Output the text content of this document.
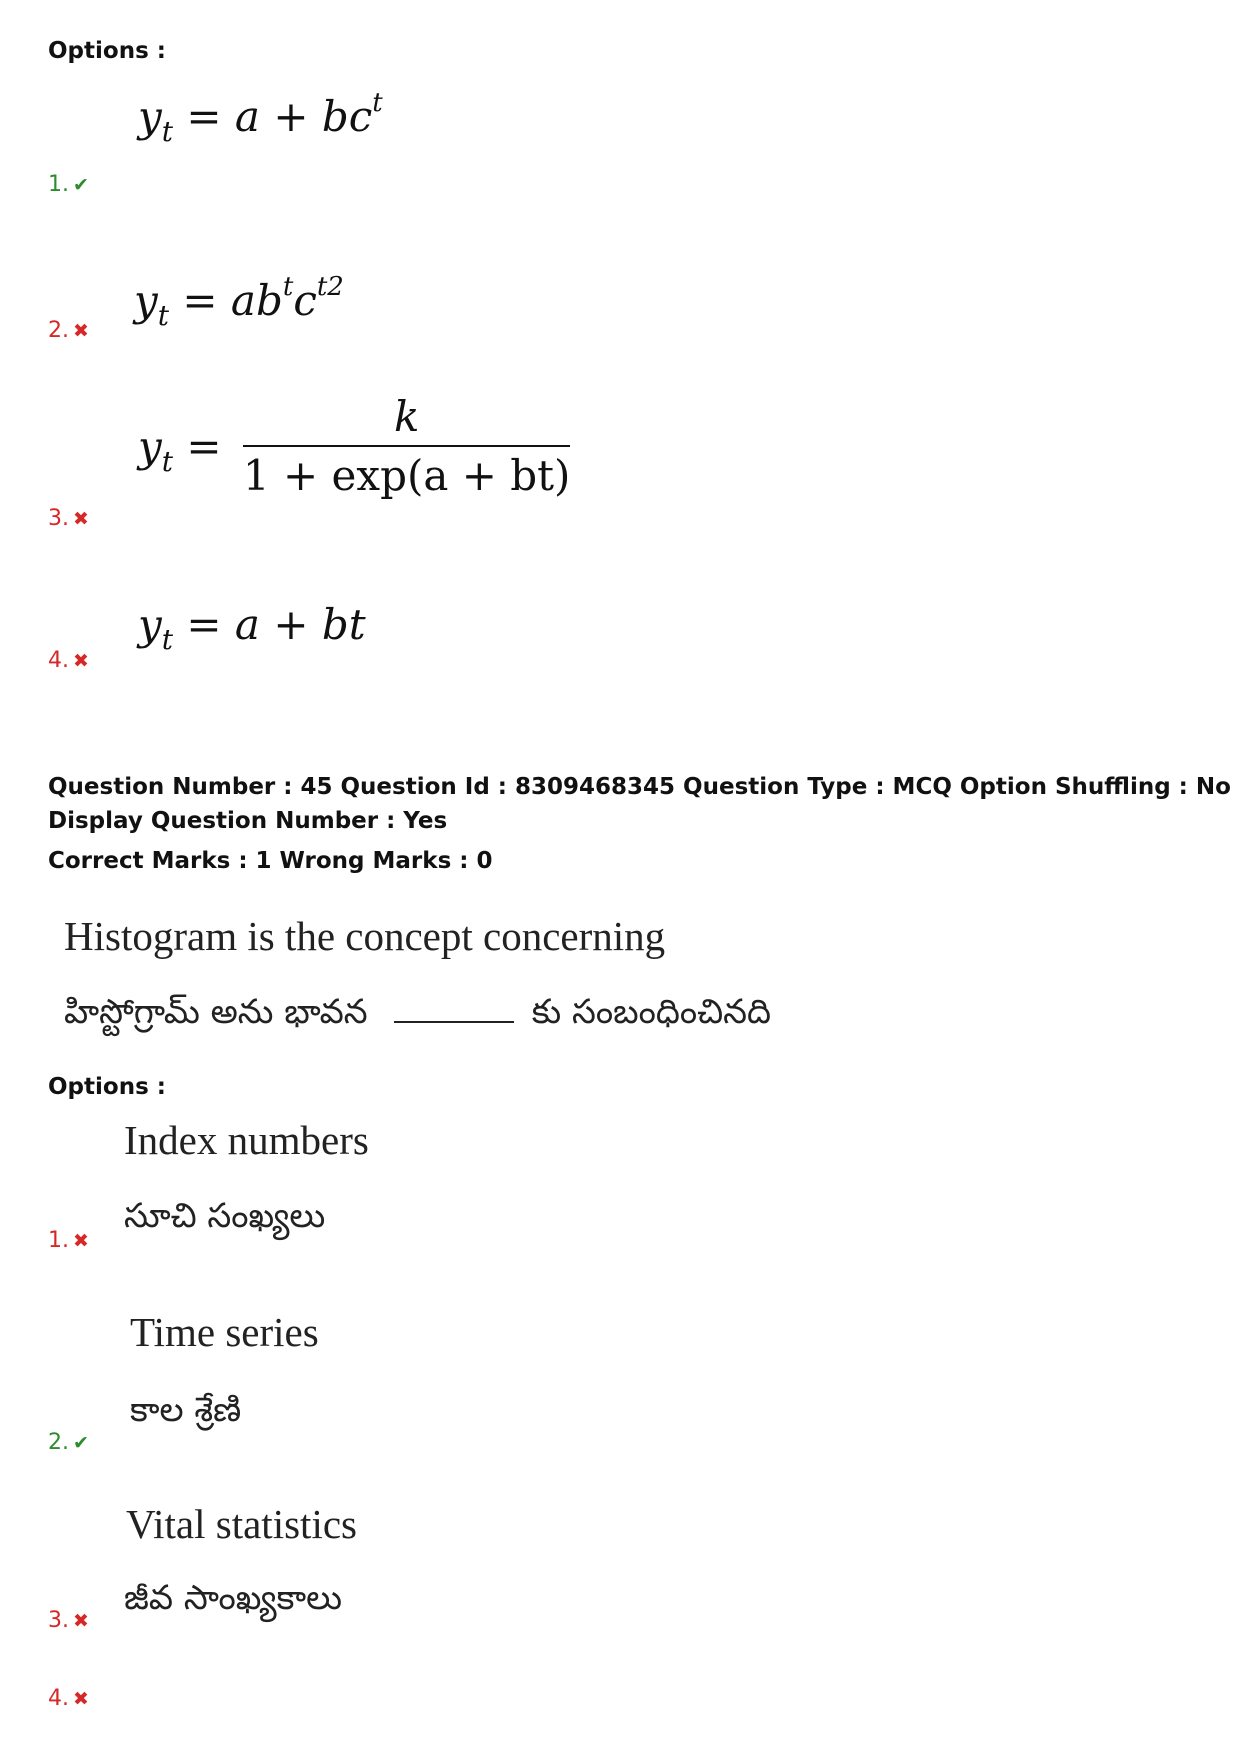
Options :
$y_t = a + bc^t$
1. ✔
$y_t = ab^tc^{t2}$
2. ✖
$y_t = \frac{k}{1 + \exp(a + bt)}$
3. ✖
$y_t = a$ + bt
4. ✖
Question Number : 45 Question Id : 8309468345 Question Type : MCQ Option Shuffling : No
Display Question Number : Yes
Correct Marks : 1 Wrong Marks : 0
Histogram is the concept concerning
హిస్టోగ్రామ్ అను భావన	కు సంబంధించినది
Options :
Index numbers
సూచి సంఖ్యలు
1. ✖
Time series
కాల శ్రేణి
2. ✔
Vital statistics
జీవ సాంఖ్యకాలు
3. ✖
4. ✖
